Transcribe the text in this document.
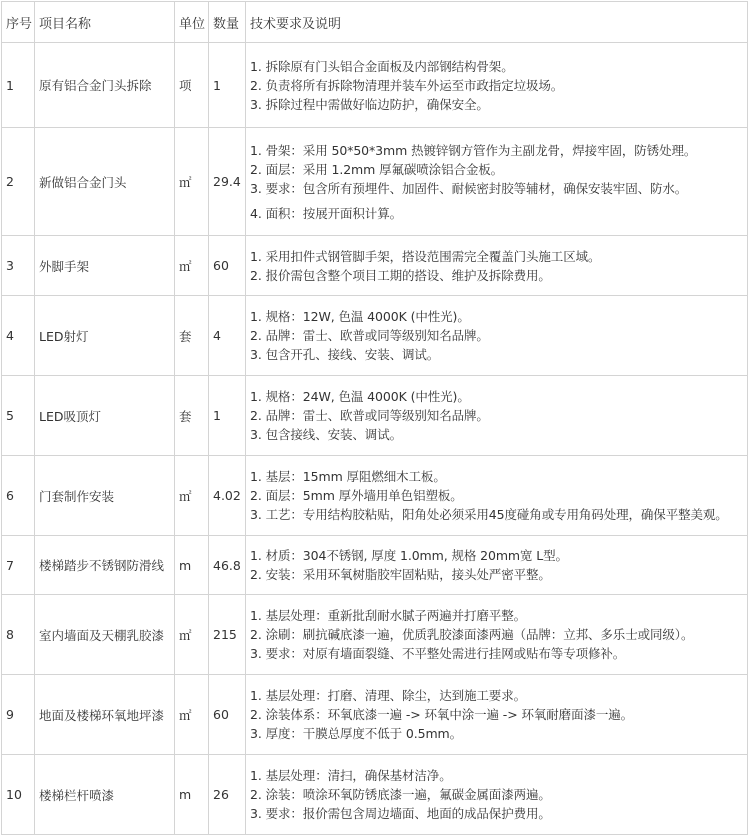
序号	项目名称	单位	数量	技术要求及说明
1	原有铝合金门头拆除	项	1	1. 拆除原有门头铝合金面板及内部钢结构骨架。
2. 负责将所有拆除物清理并装车外运至市政指定垃圾场。
3. 拆除过程中需做好临边防护，确保安全。

2	新做铝合金门头	㎡	29.4	1. 骨架：采用 50*50*3mm 热镀锌钢方管作为主副龙骨，焊接牢固，防锈处理。
2. 面层：采用 1.2mm 厚氟碳喷涂铝合金板。
3. 要求：包含所有预埋件、加固件、耐候密封胶等辅材，确保安装牢固、防水。
4. 面积：按展开面积计算。

3	外脚手架	㎡	60	1. 采用扣件式钢管脚手架，搭设范围需完全覆盖门头施工区域。
2. 报价需包含整个项目工期的搭设、维护及拆除费用。

4	LED射灯	套	4	1. 规格：12W, 色温 4000K (中性光)。
2. 品牌：雷士、欧普或同等级别知名品牌。
3. 包含开孔、接线、安装、调试。

5	LED吸顶灯	套	1	1. 规格：24W, 色温 4000K (中性光)。
2. 品牌：雷士、欧普或同等级别知名品牌。
3. 包含接线、安装、调试。

6	门套制作安装	㎡	4.02	1. 基层：15mm 厚阻燃细木工板。
2. 面层：5mm 厚外墙用单色铝塑板。
3. 工艺：专用结构胶粘贴，阳角处必须采用45度碰角或专用角码处理，确保平整美观。

7	楼梯踏步不锈钢防滑线	m	46.8	1. 材质：304不锈钢, 厚度 1.0mm, 规格 20mm宽 L型。
2. 安装：采用环氧树脂胶牢固粘贴，接头处严密平整。

8	室内墙面及天棚乳胶漆	㎡	215	1. 基层处理：重新批刮耐水腻子两遍并打磨平整。
2. 涂刷：刷抗碱底漆一遍，优质乳胶漆面漆两遍（品牌：立邦、多乐士或同级）。
3. 要求：对原有墙面裂缝、不平整处需进行挂网或贴布等专项修补。

9	地面及楼梯环氧地坪漆	㎡	60	1. 基层处理：打磨、清理、除尘，达到施工要求。
2. 涂装体系：环氧底漆一遍 -> 环氧中涂一遍 -> 环氧耐磨面漆一遍。
3. 厚度：干膜总厚度不低于 0.5mm。

10	楼梯栏杆喷漆	m	26	1. 基层处理：清扫，确保基材洁净。
2. 涂装：喷涂环氧防锈底漆一遍，氟碳金属面漆两遍。
3. 要求：报价需包含周边墙面、地面的成品保护费用。
